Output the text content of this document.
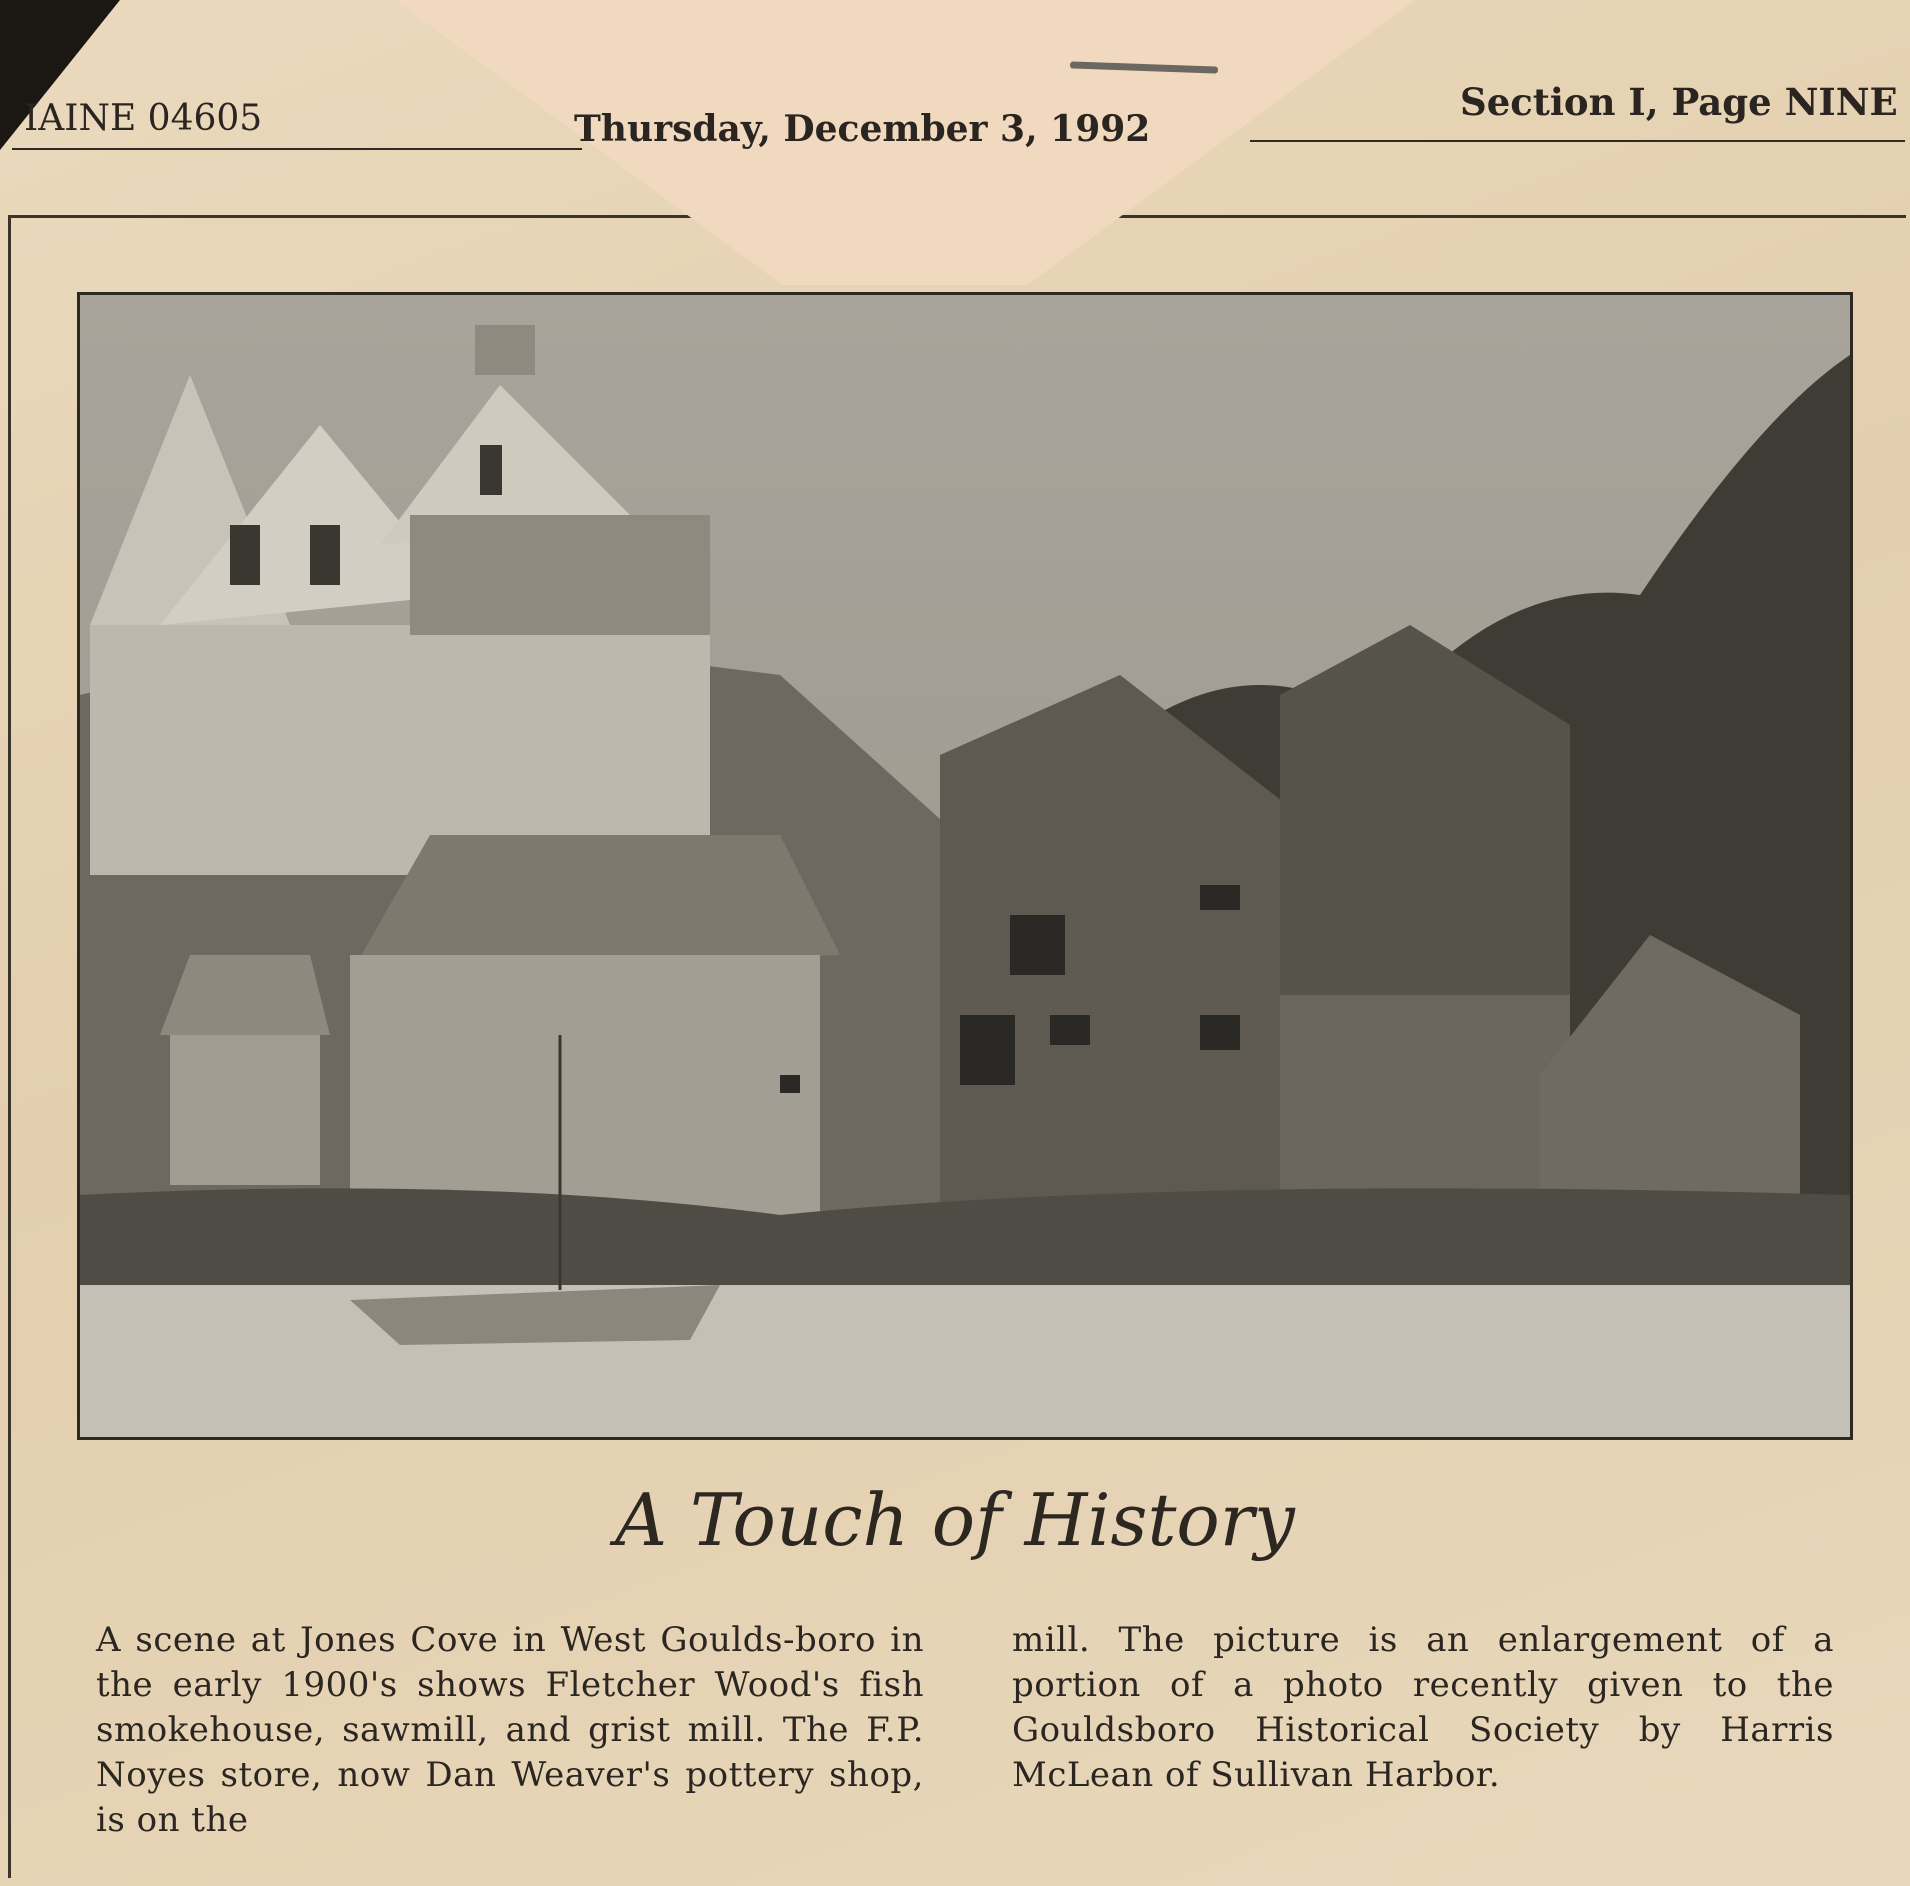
IAINE 04605	Thursday, December 3, 1992
Section I, Page NINE
A Touch of History
A scene at Jones Cove in West Goulds-boro in the early 1900's shows Fletcher Wood's fish smokehouse, sawmill, and grist mill. The F.P. Noyes store, now Dan Weaver's pottery shop, is on the
mill. The picture is an enlargement of a portion of a photo recently given to the Gouldsboro Historical Society by Harris McLean of Sullivan Harbor.
